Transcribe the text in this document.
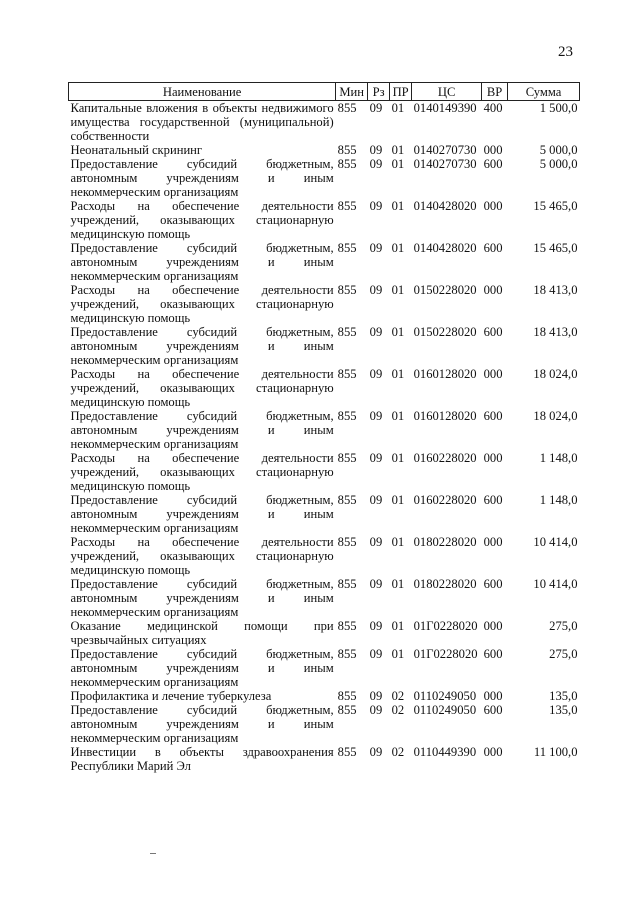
23
Наименование	Мин	Рз	ПР	ЦС	ВР	Сумма
Капитальные вложения в объекты недвижимого имущества государственной (муниципальной) собственности	855	09	01	0140149390	400	1 500,0
Неонатальный скрининг	855	09	01	0140270730	000	5 000,0
Предоставление субсидий бюджетным, автономным учреждениям и иным некоммерческим организациям	855	09	01	0140270730	600	5 000,0
Расходы на обеспечение деятельности учреждений, оказывающих стационарную медицинскую помощь	855	09	01	0140428020	000	15 465,0
Предоставление субсидий бюджетным, автономным учреждениям и иным некоммерческим организациям	855	09	01	0140428020	600	15 465,0
Расходы на обеспечение деятельности учреждений, оказывающих стационарную медицинскую помощь	855	09	01	0150228020	000	18 413,0
Предоставление субсидий бюджетным, автономным учреждениям и иным некоммерческим организациям	855	09	01	0150228020	600	18 413,0
Расходы на обеспечение деятельности учреждений, оказывающих стационарную медицинскую помощь	855	09	01	0160128020	000	18 024,0
Предоставление субсидий бюджетным, автономным учреждениям и иным некоммерческим организациям	855	09	01	0160128020	600	18 024,0
Расходы на обеспечение деятельности учреждений, оказывающих стационарную медицинскую помощь	855	09	01	0160228020	000	1 148,0
Предоставление субсидий бюджетным, автономным учреждениям и иным некоммерческим организациям	855	09	01	0160228020	600	1 148,0
Расходы на обеспечение деятельности учреждений, оказывающих стационарную медицинскую помощь	855	09	01	0180228020	000	10 414,0
Предоставление субсидий бюджетным, автономным учреждениям и иным некоммерческим организациям	855	09	01	0180228020	600	10 414,0
Оказание медицинской помощи при чрезвычайных ситуациях	855	09	01	01Г0228020	000	275,0
Предоставление субсидий бюджетным, автономным учреждениям и иным некоммерческим организациям	855	09	01	01Г0228020	600	275,0
Профилактика и лечение туберкулеза	855	09	02	0110249050	000	135,0
Предоставление субсидий бюджетным, автономным учреждениям и иным некоммерческим организациям	855	09	02	0110249050	600	135,0
Инвестиции в объекты здравоохранения Республики Марий Эл	855	09	02	0110449390	000	11 100,0
